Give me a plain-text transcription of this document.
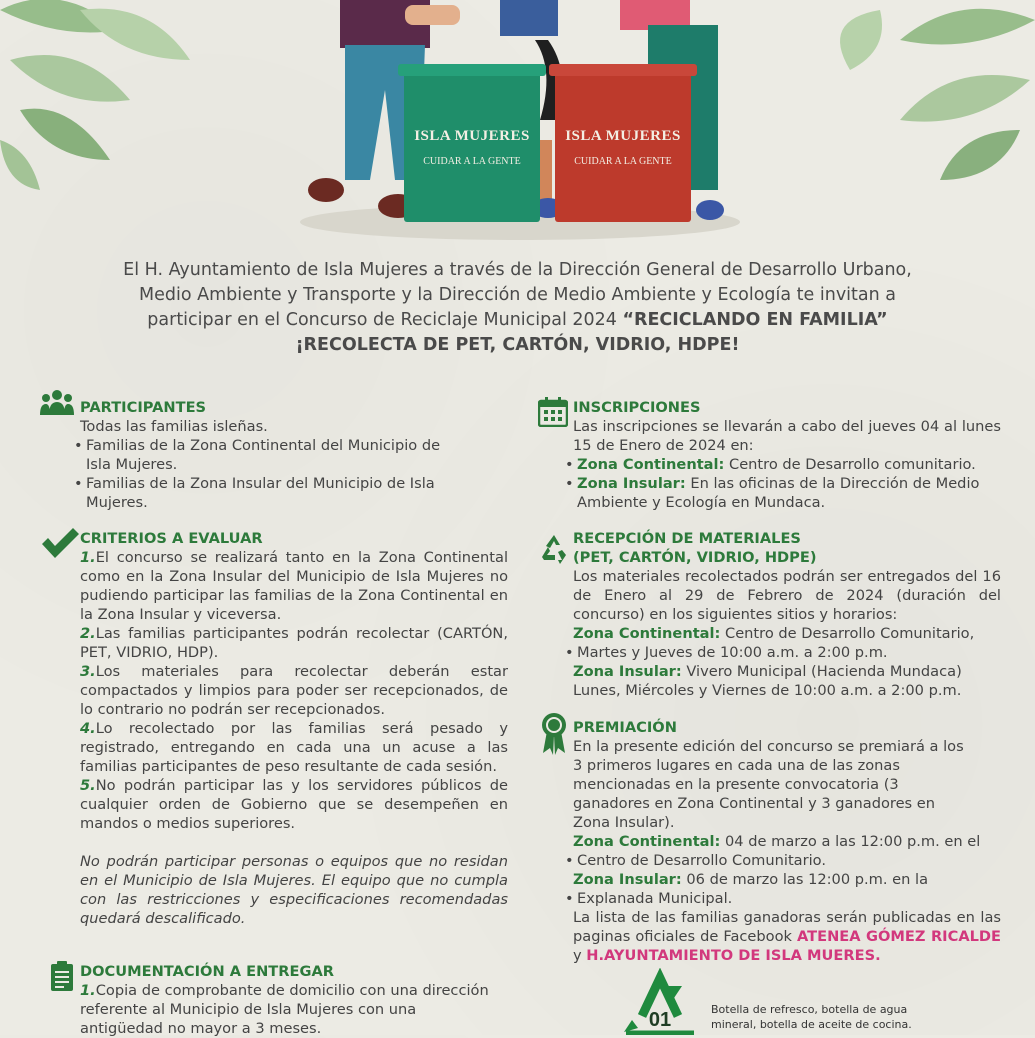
ISLA MUJERES
CUIDAR A LA GENTE
ISLA MUJERES
CUIDAR A LA GENTE
El H. Ayuntamiento de Isla Mujeres a través de la Dirección General de Desarrollo Urbano,
Medio Ambiente y Transporte y la Dirección de Medio Ambiente y Ecología te invitan a
participar en el Concurso de Reciclaje Municipal 2024 “RECICLANDO EN FAMILIA”
¡RECOLECTA DE PET, CARTÓN, VIDRIO, HDPE!
PARTICIPANTES

Todas las familias isleñas.

• Familias de la Zona Continental del Municipio de Isla Mujeres.

• Familias de la Zona Insular del Municipio de Isla Mujeres.

CRITERIOS A EVALUAR

1.El concurso se realizará tanto en la Zona Continental como en la Zona Insular del Municipio de Isla Mujeres no pudiendo participar las familias de la Zona Continental en la Zona Insular y viceversa.

2.Las familias participantes podrán recolectar (CARTÓN, PET, VIDRIO, HDP).

3.Los materiales para recolectar deberán estar compactados y limpios para poder ser recepcionados, de lo contrario no podrán ser recepcionados.

4.Lo recolectado por las familias será pesado y registrado, entregando en cada una un acuse a las familias participantes de peso resultante de cada sesión.

5.No podrán participar las y los servidores públicos de cualquier orden de Gobierno que se desempeñen en mandos o medios superiores.

No podrán participar personas o equipos que no residan en el Municipio de Isla Mujeres. El equipo que no cumpla con las restricciones y especificaciones recomendadas quedará descalificado.

DOCUMENTACIÓN A ENTREGAR

1.Copia de comprobante de domicilio con una dirección referente al Municipio de Isla Mujeres con una antigüedad no mayor a 3 meses.

INSCRIPCIONES

Las inscripciones se llevarán a cabo del jueves 04 al lunes 15 de Enero de 2024 en:

• Zona Continental: Centro de Desarrollo comunitario.

• Zona Insular: En las oficinas de la Dirección de Medio Ambiente y Ecología en Mundaca.

RECEPCIÓN DE MATERIALES
(PET, CARTÓN, VIDRIO, HDPE)

Los materiales recolectados podrán ser entregados del 16 de Enero al 29 de Febrero de 2024 (duración del concurso) en los siguientes sitios y horarios:

Zona Continental: Centro de Desarrollo Comunitario,

• Martes y Jueves de 10:00 a.m. a 2:00 p.m.

Zona Insular: Vivero Municipal (Hacienda Mundaca)

Lunes, Miércoles y Viernes de 10:00 a.m. a 2:00 p.m.

PREMIACIÓN

En la presente edición del concurso se premiará a los 3 primeros lugares en cada una de las zonas mencionadas en la presente convocatoria (3 ganadores en Zona Continental y 3 ganadores en Zona Insular).

Zona Continental: 04 de marzo a las 12:00 p.m. en el

• Centro de Desarrollo Comunitario.

Zona Insular: 06 de marzo las 12:00 p.m. en la

• Explanada Municipal.

La lista de las familias ganadoras serán publicadas en las paginas oficiales de Facebook ATENEA GÓMEZ RICALDE y H.AYUNTAMIENTO DE ISLA MUERES.

01	Botella de refresco, botella de agua
mineral, botella de aceite de cocina.
